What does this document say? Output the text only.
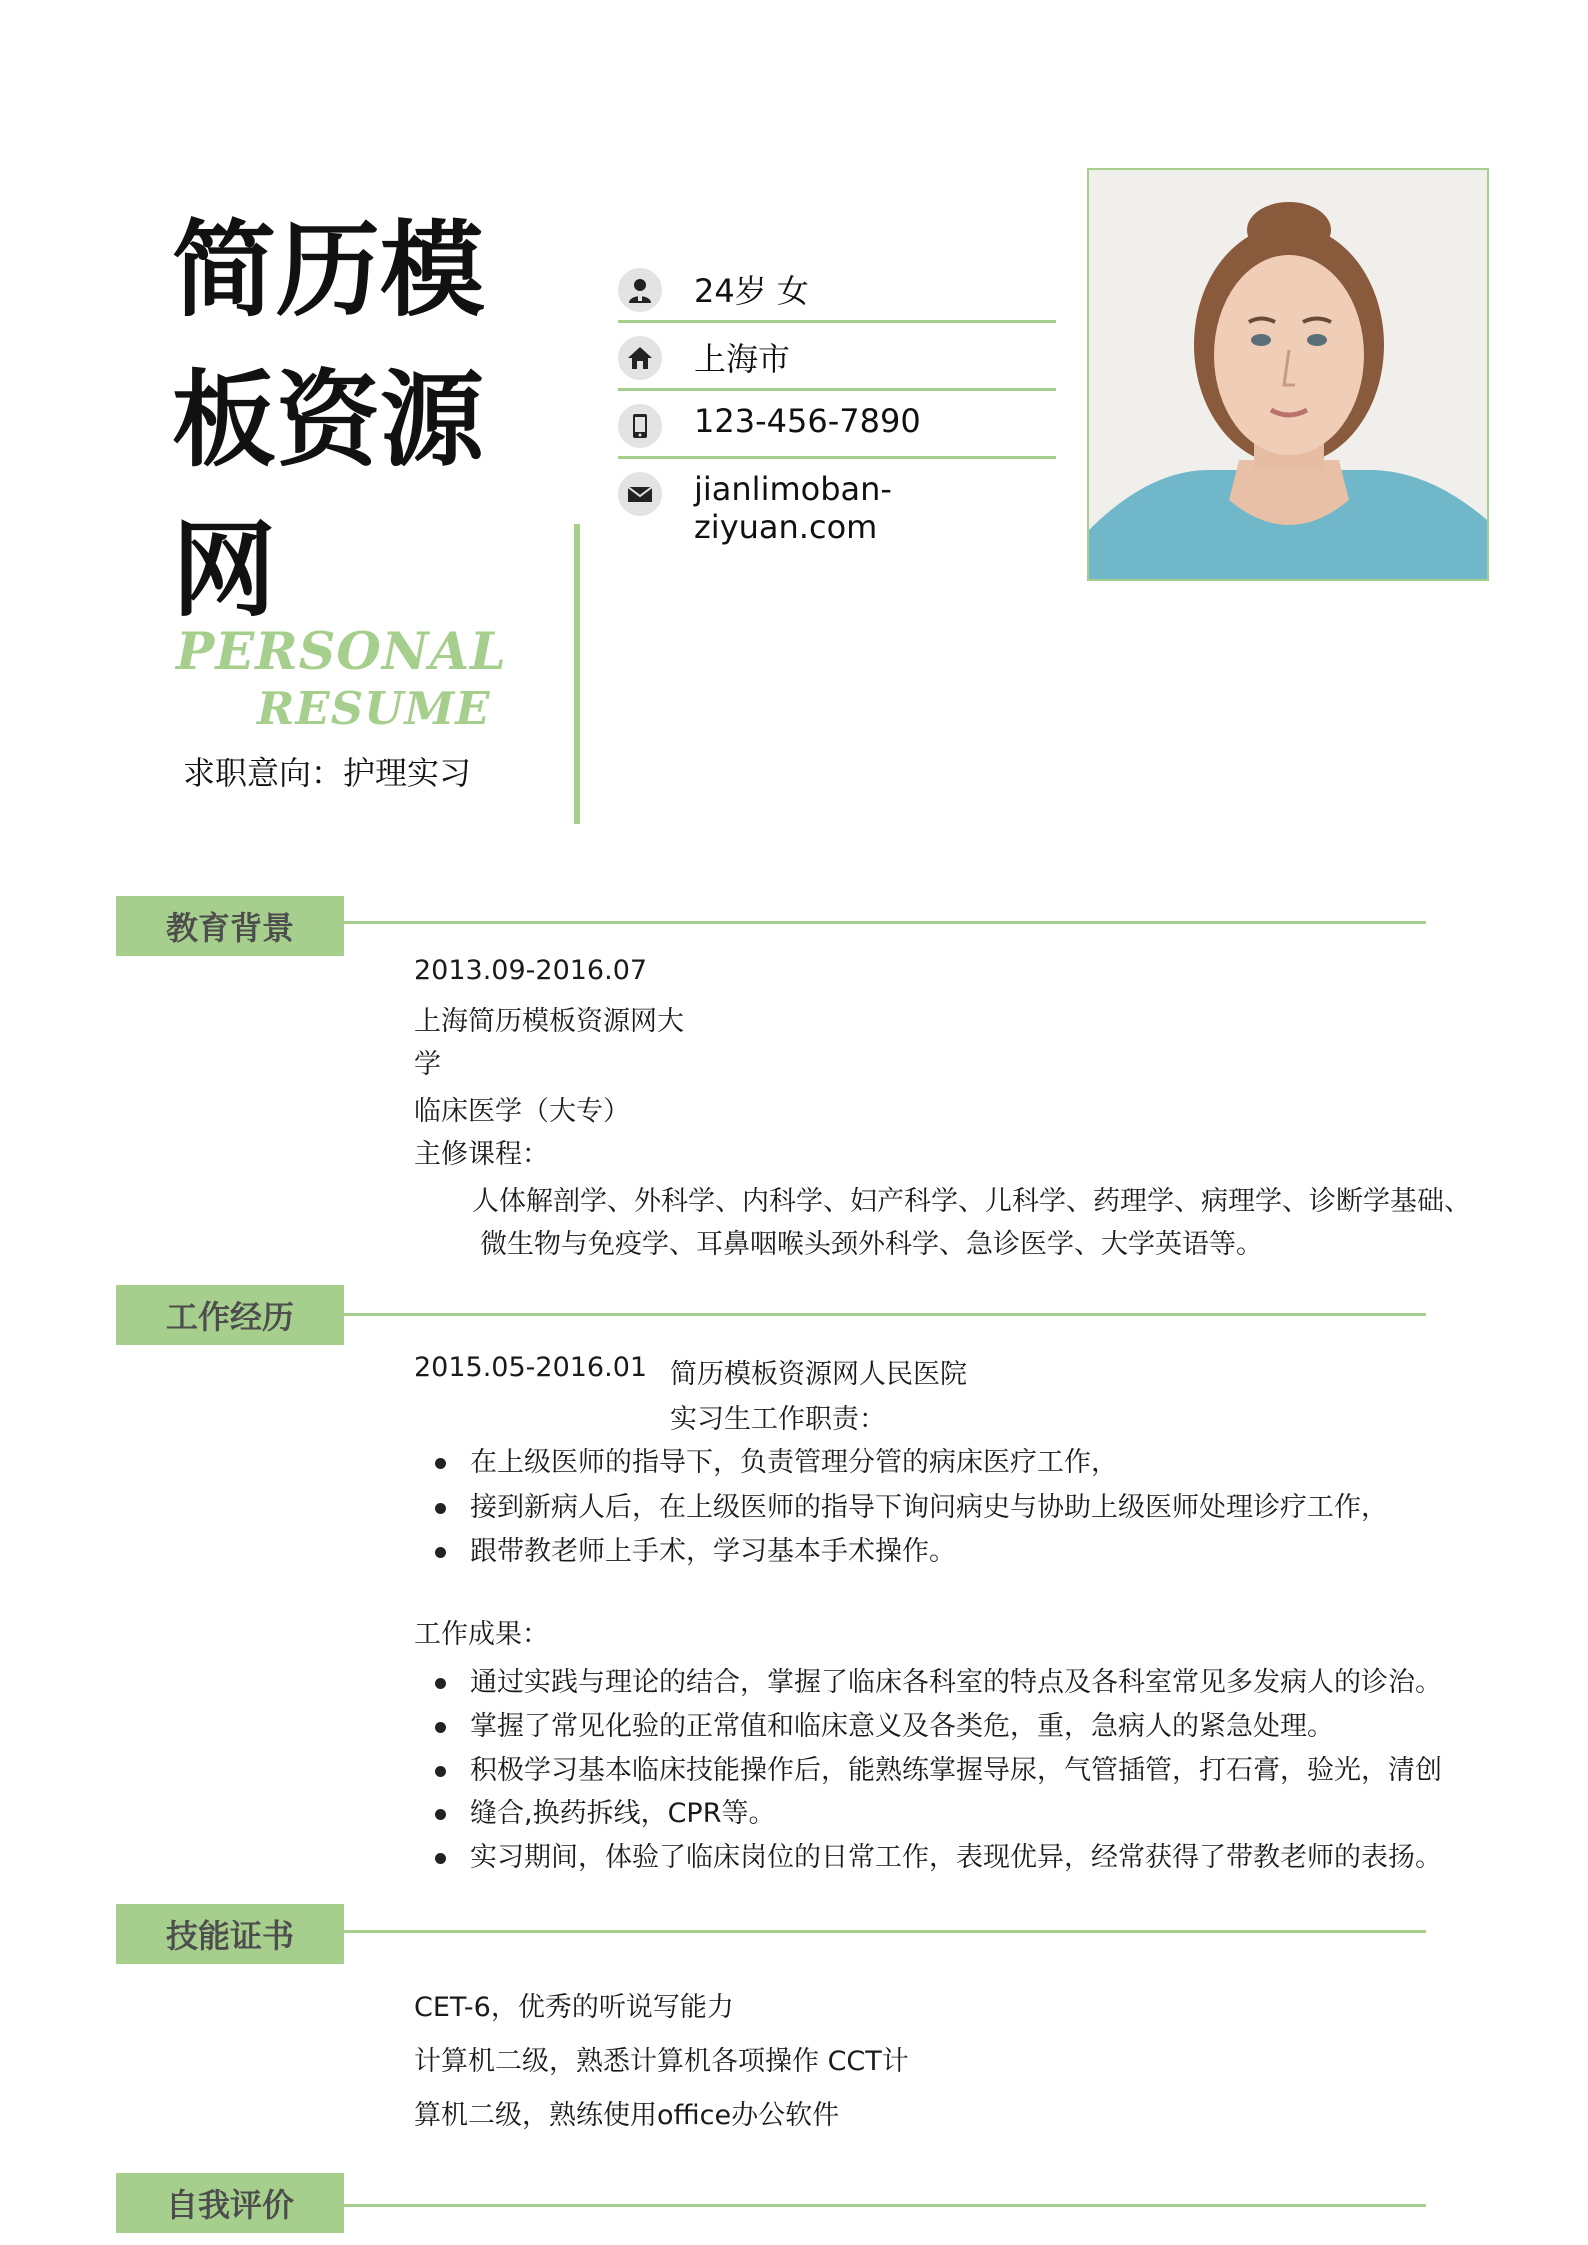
简历模
板资源
网
PERSONAL
RESUME
求职意向：护理实习
24岁 女
上海市
123-456-7890
jianlimoban-ziyuan.com
教育背景
2013.09-2016.07
上海简历模板资源网大
学
临床医学（大专）
主修课程：
人体解剖学、外科学、内科学、妇产科学、儿科学、药理学、病理学、诊断学基础、
微生物与免疫学、耳鼻咽喉头颈外科学、急诊医学、大学英语等。
工作经历
2015.05-2016.01 简历模板资源网人民医院
实习生工作职责：
在上级医师的指导下，负责管理分管的病床医疗工作，
接到新病人后，在上级医师的指导下询问病史与协助上级医师处理诊疗工作，
跟带教老师上手术，学习基本手术操作。
工作成果：
通过实践与理论的结合，掌握了临床各科室的特点及各科室常见多发病人的诊治。
掌握了常见化验的正常值和临床意义及各类危，重，急病人的紧急处理。
积极学习基本临床技能操作后，能熟练掌握导尿，气管插管，打石膏，验光，清创
缝合,换药拆线，CPR等。
实习期间，体验了临床岗位的日常工作，表现优异，经常获得了带教老师的表扬。
技能证书
CET-6，优秀的听说写能力
计算机二级，熟悉计算机各项操作 CCT计
算机二级，熟练使用office办公软件
自我评价
